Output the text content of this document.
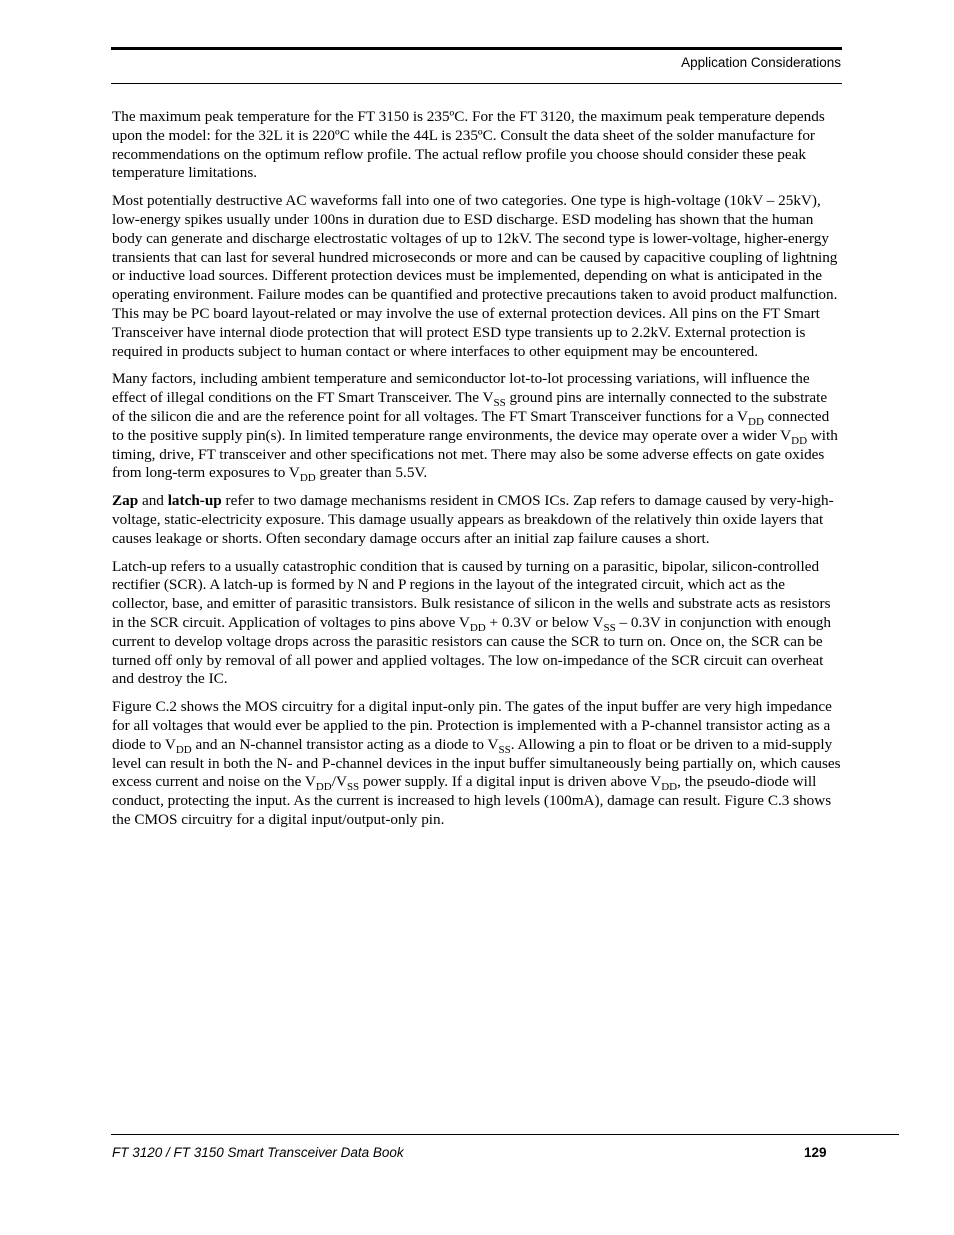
Application Considerations

The maximum peak temperature for the FT 3150 is 235ºC. For the FT 3120, the maximum peak temperature depends upon the model: for the 32L it is 220ºC while the 44L is 235ºC. Consult the data sheet of the solder manufacture for recommendations on the optimum reflow profile. The actual reflow profile you choose should consider these peak temperature limitations.

Most potentially destructive AC waveforms fall into one of two categories. One type is high-voltage (10kV – 25kV), low-energy spikes usually under 100ns in duration due to ESD discharge. ESD modeling has shown that the human body can generate and discharge electrostatic voltages of up to 12kV. The second type is lower-voltage, higher-energy transients that can last for several hundred microseconds or more and can be caused by capacitive coupling of lightning or inductive load sources. Different protection devices must be implemented, depending on what is anticipated in the operating environment. Failure modes can be quantified and protective precautions taken to avoid product malfunction. This may be PC board layout-related or may involve the use of external protection devices. All pins on the FT Smart Transceiver have internal diode protection that will protect ESD type transients up to 2.2kV. External protection is required in products subject to human contact or where interfaces to other equipment may be encountered.

Many factors, including ambient temperature and semiconductor lot-to-lot processing variations, will influence the effect of illegal conditions on the FT Smart Transceiver. The $V_{SS}$ ground pins are internally connected to the substrate of the silicon die and are the reference point for all voltages. The FT Smart Transceiver functions for a $V_{DD}$ connected to the positive supply pin(s). In limited temperature range environments, the device may operate over a wider $V_{DD}$ with timing, drive, FT transceiver and other specifications not met. There may also be some adverse effects on gate oxides from long-term exposures to $V_{DD}$ greater than 5.5V.

Zap and latch-up refer to two damage mechanisms resident in CMOS ICs. Zap refers to damage caused by very-high-voltage, static-electricity exposure. This damage usually appears as breakdown of the relatively thin oxide layers that causes leakage or shorts. Often secondary damage occurs after an initial zap failure causes a short.

Latch-up refers to a usually catastrophic condition that is caused by turning on a parasitic, bipolar, silicon-controlled rectifier (SCR). A latch-up is formed by N and P regions in the layout of the integrated circuit, which act as the collector, base, and emitter of parasitic transistors. Bulk resistance of silicon in the wells and substrate acts as resistors in the SCR circuit. Application of voltages to pins above $V_{DD} + 0.3V$ or below $V_{SS} - 0.3V$ in conjunction with enough current to develop voltage drops across the parasitic resistors can cause the SCR to turn on. Once on, the SCR can be turned off only by removal of all power and applied voltages. The low on-impedance of the SCR circuit can overheat and destroy the IC.

Figure C.2 shows the MOS circuitry for a digital input-only pin. The gates of the input buffer are very high impedance for all voltages that would ever be applied to the pin. Protection is implemented with a P-channel transistor acting as a diode to $V_{DD}$ and an N-channel transistor acting as a diode to $V_{SS}$. Allowing a pin to float or be driven to a mid-supply level can result in both the N- and P-channel devices in the input buffer simultaneously being partially on, which causes excess current and noise on the $V_{DD}/V_{SS}$ power supply. If a digital input is driven above $V_{DD}$, the pseudo-diode will conduct, protecting the input. As the current is increased to high levels (100mA), damage can result. Figure C.3 shows the CMOS circuitry for a digital input/output-only pin.

FT 3120 / FT 3150 Smart Transceiver Data Book	129
